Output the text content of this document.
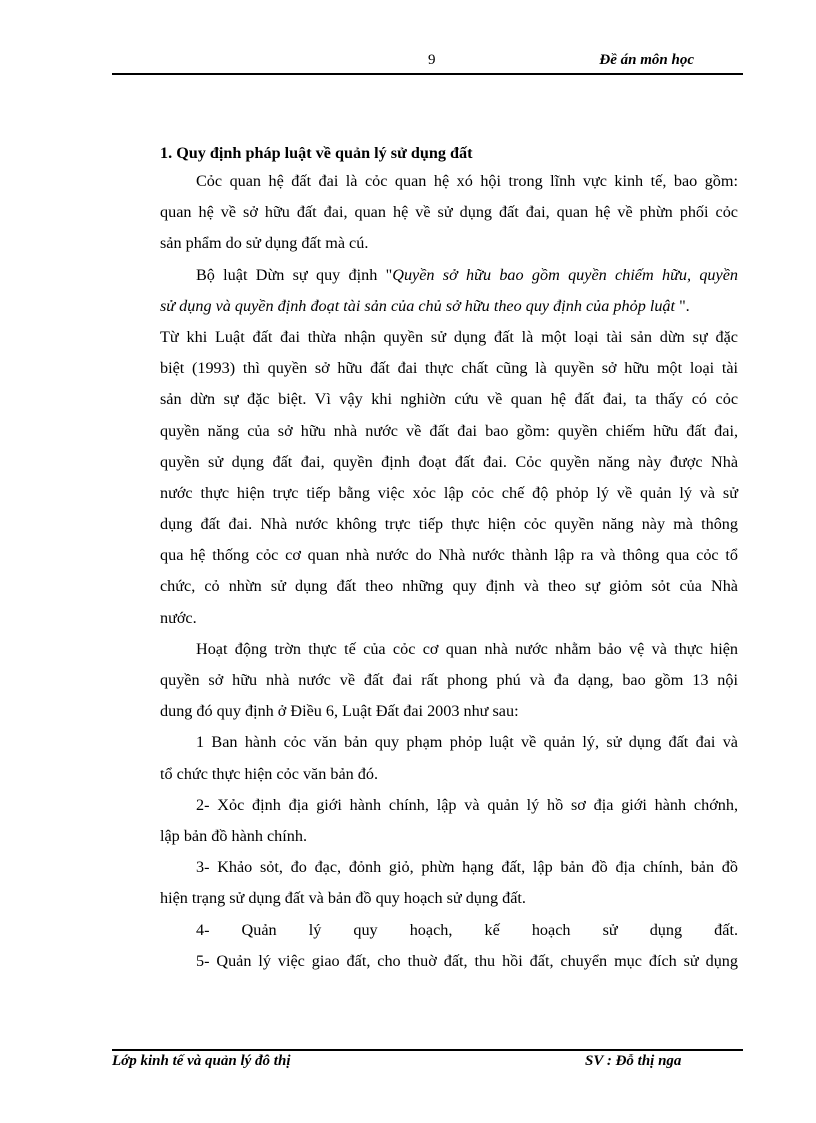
9	Đề án môn học
1. Quy định pháp luật về quản lý sử dụng đất
Cỏc quan hệ đất đai là cỏc quan hệ xó hội trong lĩnh vực kinh tế, bao gồm:
quan hệ về sở hữu đất đai, quan hệ về sử dụng đất đai, quan hệ về phừn phối cỏc
sản phẩm do sử dụng đất mà cú.
Bộ luật Dừn sự quy định "Quyền sở hữu bao gồm quyền chiếm hữu, quyền
sử dụng và quyền định đoạt tài sản của chủ sở hữu theo quy định của phỏp luật ".
Từ khi Luật đất đai thừa nhận quyền sử dụng đất là một loại tài sản dừn sự đặc
biệt (1993) thì quyền sở hữu đất đai thực chất cũng là quyền sở hữu một loại tài
sản dừn sự đặc biệt. Vì vậy khi nghiờn cứu về quan hệ đất đai, ta thấy có cỏc
quyền năng của sở hữu nhà nước về đất đai bao gồm: quyền chiếm hữu đất đai,
quyền sử dụng đất đai, quyền định đoạt đất đai. Cỏc quyền năng này được Nhà
nước thực hiện trực tiếp bằng việc xỏc lập cỏc chế độ phỏp lý về quản lý và sử
dụng đất đai. Nhà nước không trực tiếp thực hiện cỏc quyền năng này mà thông
qua hệ thống cỏc cơ quan nhà nước do Nhà nước thành lập ra và thông qua cỏc tổ
chức, cỏ nhừn sử dụng đất theo những quy định và theo sự giỏm sỏt của Nhà
nước.
Hoạt động trờn thực tế của cỏc cơ quan nhà nước nhằm bảo vệ và thực hiện
quyền sở hữu nhà nước về đất đai rất phong phú và đa dạng, bao gồm 13 nội
dung đó quy định ở Điều 6, Luật Đất đai 2003 như sau:
1 Ban hành cỏc văn bản quy phạm phỏp luật về quản lý, sử dụng đất đai và
tổ chức thực hiện cỏc văn bản đó.
2- Xỏc định địa giới hành chính, lập và quản lý hồ sơ địa giới hành chớnh,
lập bản đồ hành chính.
3- Khảo sỏt, đo đạc, đỏnh giỏ, phừn hạng đất, lập bản đồ địa chính, bản đồ
hiện trạng sử dụng đất và bản đồ quy hoạch sử dụng đất.
4- Quản lý quy hoạch, kế hoạch sử dụng đất.
5- Quản lý việc giao đất, cho thuờ đất, thu hồi đất, chuyển mục đích sử dụng
Lớp kinh tế và quản lý đô thị	SV : Đỗ thị nga
